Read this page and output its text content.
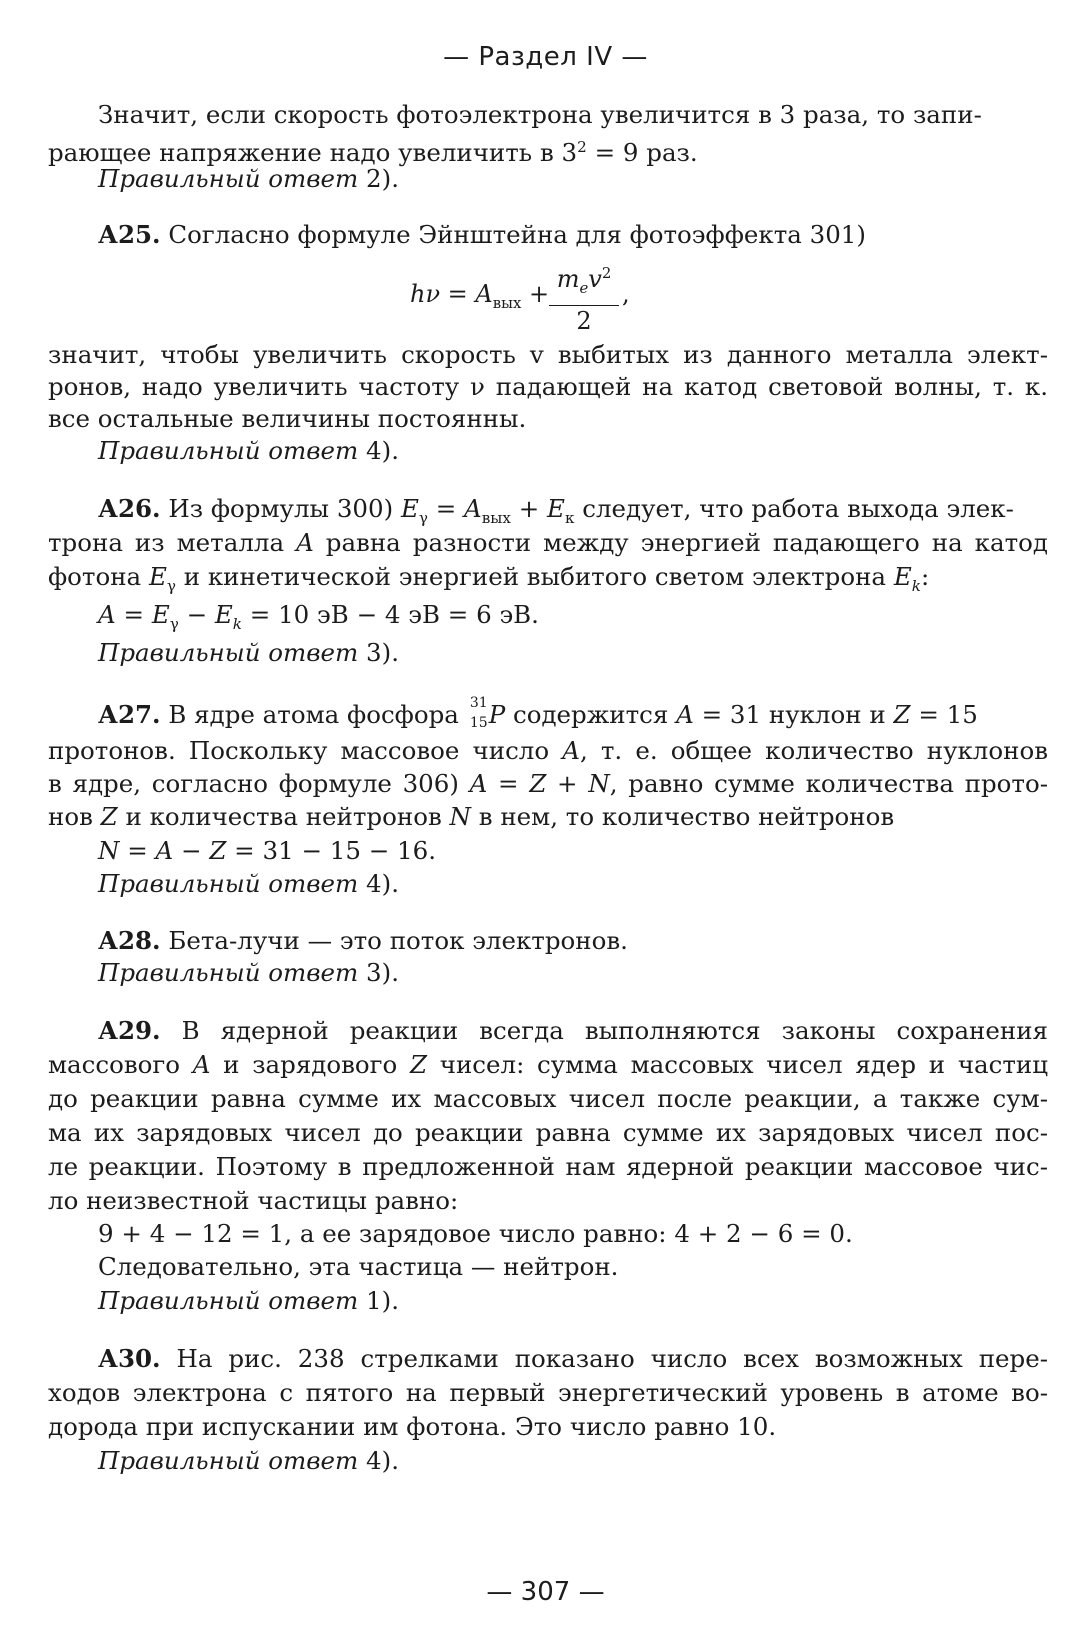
— Раздел IV —
Значит, если скорость фотоэлектрона увеличится в 3 раза, то запи-
рающее напряжение надо увеличить в $3^2 = 9$ раз.
Правильный ответ 2).
А25. Согласно формуле Эйнштейна для фотоэффекта 301)
$h\nu = A_{вых}$ +
$m_ev^2$
2
,
значит, чтобы увеличить скорость v выбитых из данного металла элект-
ронов, надо увеличить частоту ν падающей на катод световой волны, т. к.
все остальные величины постоянны.
Правильный ответ 4).
А26. Из формулы 300) $E_\gamma = A_{вых} + E_к$ следует, что работа выхода элек-
трона из металла A равна разности между энергией падающего на катод
фотона $E_\gamma$ и кинетической энергией выбитого светом электрона $E_k$:
$A = E_\gamma - E_k = 10$ эВ − 4 эВ = 6 эВ.
Правильный ответ 3).
А27. В ядре атома фосфора 31
15 P содержится A = 31 нуклон и Z = 15
протонов. Поскольку массовое число A, т. е. общее количество нуклонов
в ядре, согласно формуле 306) A = Z + N, равно сумме количества прото-
нов Z и количества нейтронов N в нем, то количество нейтронов
N = A − Z = 31 − 15 − 16.
Правильный ответ 4).
А28. Бета-лучи — это поток электронов.
Правильный ответ 3).
А29. В ядерной реакции всегда выполняются законы сохранения
массового A и зарядового Z чисел: сумма массовых чисел ядер и частиц
до реакции равна сумме их массовых чисел после реакции, а также сум-
ма их зарядовых чисел до реакции равна сумме их зарядовых чисел пос-
ле реакции. Поэтому в предложенной нам ядерной реакции массовое чис-
ло неизвестной частицы равно:
9 + 4 − 12 = 1, а ее зарядовое число равно: 4 + 2 − 6 = 0.
Следовательно, эта частица — нейтрон.
Правильный ответ 1).
А30. На рис. 238 стрелками показано число всех возможных пере-
ходов электрона с пятого на первый энергетический уровень в атоме во-
дорода при испускании им фотона. Это число равно 10.
Правильный ответ 4).
— 307 —
